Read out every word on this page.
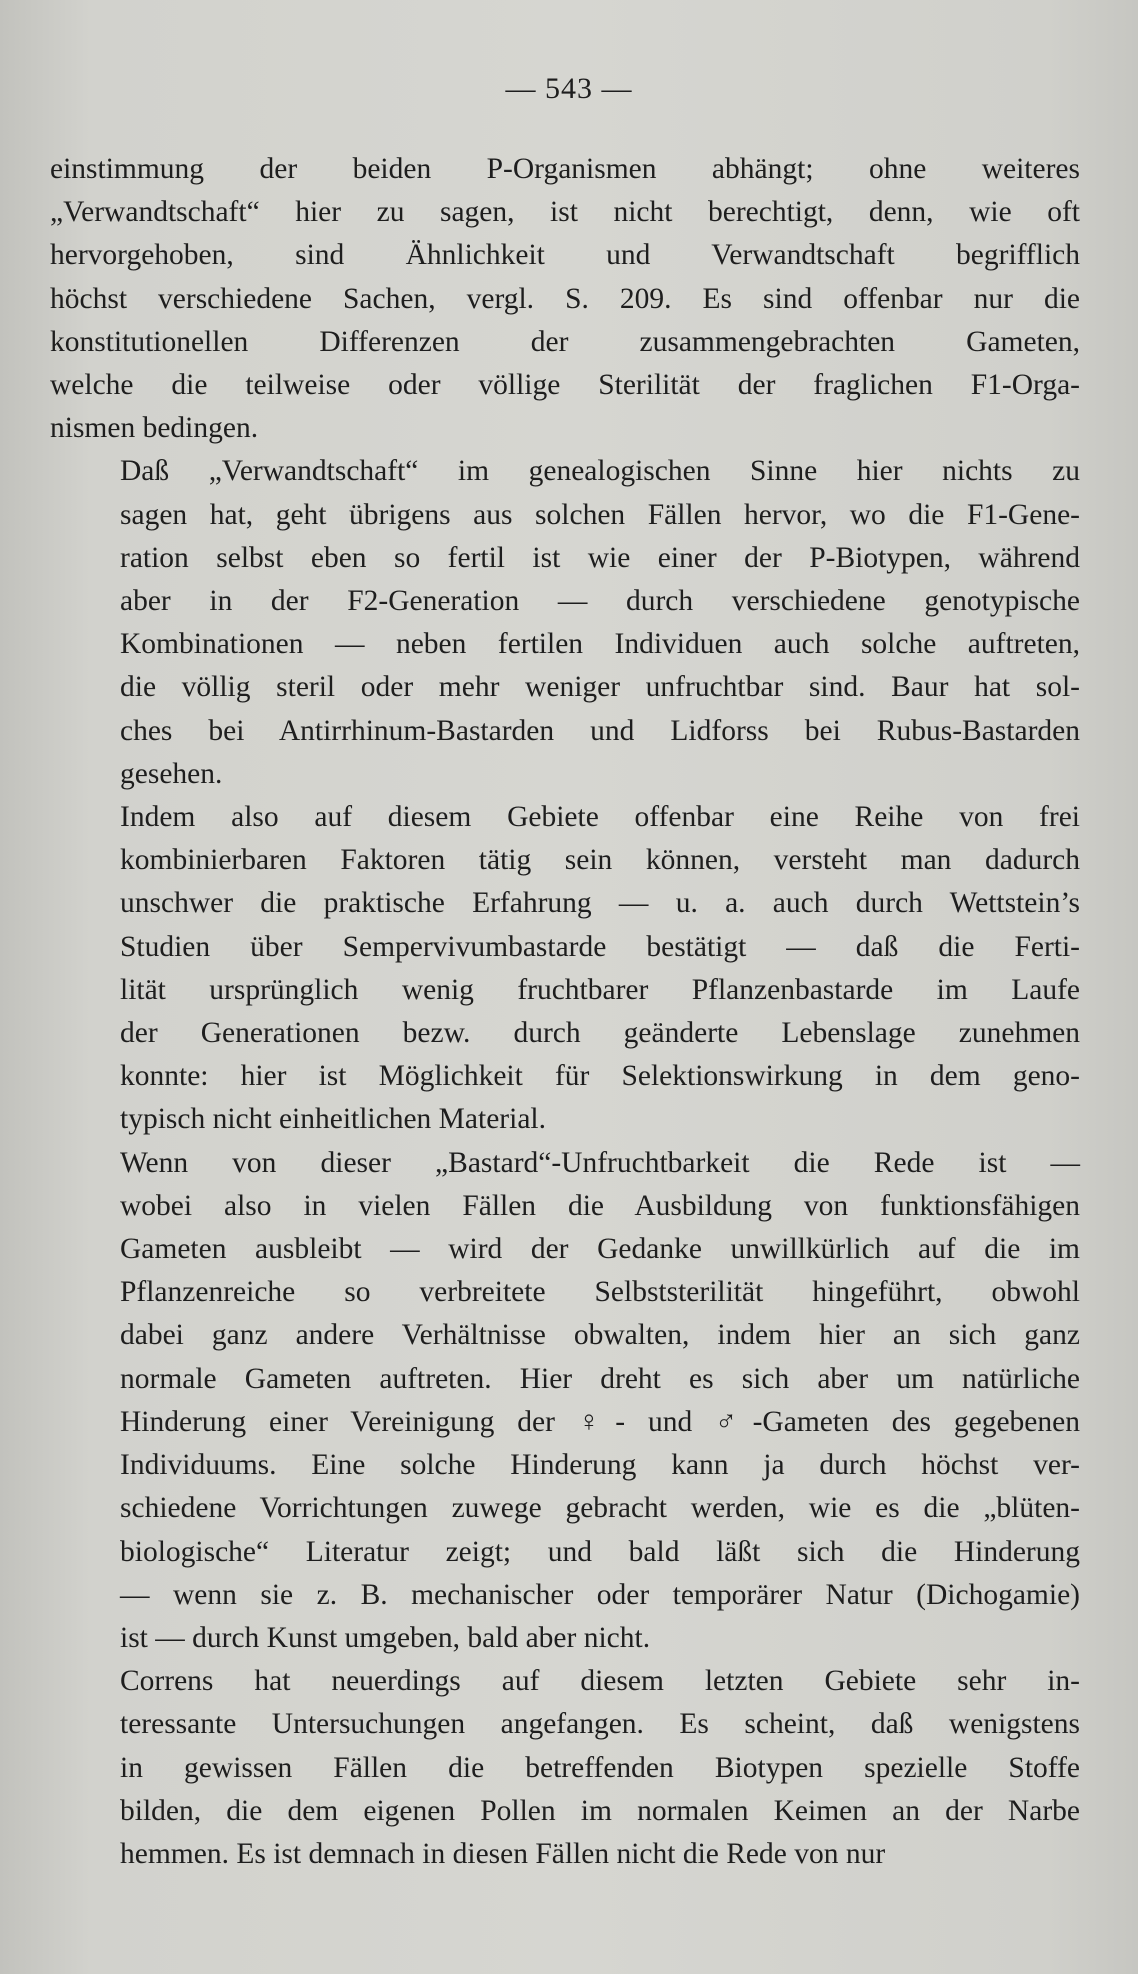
— 543 —

einstimmung der beiden P-Organismen abhängt; ohne weiteres
„Verwandtschaft“ hier zu sagen, ist nicht berechtigt, denn, wie oft
hervorgehoben, sind Ähnlichkeit und Verwandtschaft begrifflich
höchst verschiedene Sachen, vergl. S. 209. Es sind offenbar nur die
konstitutionellen Differenzen der zusammengebrachten Gameten,
welche die teilweise oder völlige Sterilität der fraglichen F1-Orga-
nismen bedingen.

Daß „Verwandtschaft“ im genealogischen Sinne hier nichts zu
sagen hat, geht übrigens aus solchen Fällen hervor, wo die F1-Gene-
ration selbst eben so fertil ist wie einer der P-Biotypen, während
aber in der F2-Generation — durch verschiedene genotypische
Kombinationen — neben fertilen Individuen auch solche auftreten,
die völlig steril oder mehr weniger unfruchtbar sind. Baur hat sol-
ches bei Antirrhinum-Bastarden und Lidforss bei Rubus-Bastarden
gesehen.

Indem also auf diesem Gebiete offenbar eine Reihe von frei
kombinierbaren Faktoren tätig sein können, versteht man dadurch
unschwer die praktische Erfahrung — u. a. auch durch Wettstein’s
Studien über Sempervivumbastarde bestätigt — daß die Ferti-
lität ursprünglich wenig fruchtbarer Pflanzenbastarde im Laufe
der Generationen bezw. durch geänderte Lebenslage zunehmen
konnte: hier ist Möglichkeit für Selektionswirkung in dem geno-
typisch nicht einheitlichen Material.

Wenn von dieser „Bastard“-Unfruchtbarkeit die Rede ist —
wobei also in vielen Fällen die Ausbildung von funktionsfähigen
Gameten ausbleibt — wird der Gedanke unwillkürlich auf die im
Pflanzenreiche so verbreitete Selbststerilität hingeführt, obwohl
dabei ganz andere Verhältnisse obwalten, indem hier an sich ganz
normale Gameten auftreten. Hier dreht es sich aber um natürliche
Hinderung einer Vereinigung der ♀- und ♂-Gameten des gegebenen
Individuums. Eine solche Hinderung kann ja durch höchst ver-
schiedene Vorrichtungen zuwege gebracht werden, wie es die „blüten-
biologische“ Literatur zeigt; und bald läßt sich die Hinderung
— wenn sie z. B. mechanischer oder temporärer Natur (Dichogamie)
ist — durch Kunst umgeben, bald aber nicht.

Correns hat neuerdings auf diesem letzten Gebiete sehr in-
teressante Untersuchungen angefangen. Es scheint, daß wenigstens
in gewissen Fällen die betreffenden Biotypen spezielle Stoffe
bilden, die dem eigenen Pollen im normalen Keimen an der Narbe
hemmen. Es ist demnach in diesen Fällen nicht die Rede von nur
